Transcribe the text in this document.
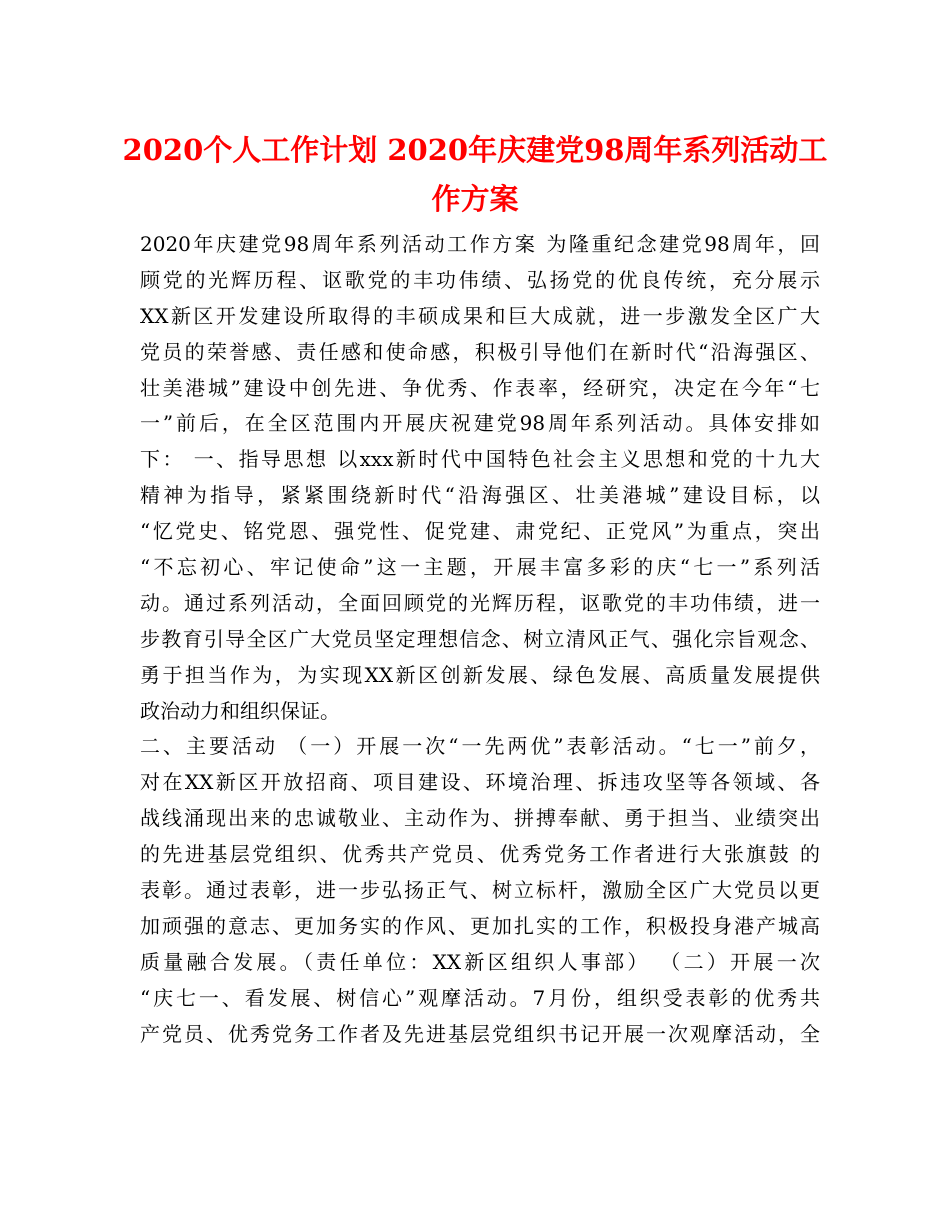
2020个人工作计划 2020年庆建党98周年系列活动工
作方案
2020年庆建党98周年系列活动工作方案 为隆重纪念建党98周年，回
顾党的光辉历程、讴歌党的丰功伟绩、弘扬党的优良传统，充分展示
XX新区开发建设所取得的丰硕成果和巨大成就，进一步激发全区广大
党员的荣誉感、责任感和使命感，积极引导他们在新时代“沿海强区、
壮美港城”建设中创先进、争优秀、作表率，经研究，决定在今年“七
一”前后，在全区范围内开展庆祝建党98周年系列活动。具体安排如
下： 一、指导思想 以xxx新时代中国特色社会主义思想和党的十九大
精神为指导，紧紧围绕新时代“沿海强区、壮美港城”建设目标，以
“忆党史、铭党恩、强党性、促党建、肃党纪、正党风”为重点，突出
“不忘初心、牢记使命”这一主题，开展丰富多彩的庆“七一”系列活
动。通过系列活动，全面回顾党的光辉历程，讴歌党的丰功伟绩，进一
步教育引导全区广大党员坚定理想信念、树立清风正气、强化宗旨观念、
勇于担当作为，为实现XX新区创新发展、绿色发展、高质量发展提供
政治动力和组织保证。
二、主要活动 （一）开展一次“一先两优”表彰活动。“七一”前夕，
对在XX新区开放招商、项目建设、环境治理、拆违攻坚等各领域、各
战线涌现出来的忠诚敬业、主动作为、拼搏奉献、勇于担当、业绩突出
的先进基层党组织、优秀共产党员、优秀党务工作者进行大张旗鼓 的
表彰。通过表彰，进一步弘扬正气、树立标杆，激励全区广大党员以更
加顽强的意志、更加务实的作风、更加扎实的工作，积极投身港产城高
质量融合发展。（责任单位：XX新区组织人事部） （二）开展一次
“庆七一、看发展、树信心”观摩活动。7月份，组织受表彰的优秀共
产党员、优秀党务工作者及先进基层党组织书记开展一次观摩活动，全
